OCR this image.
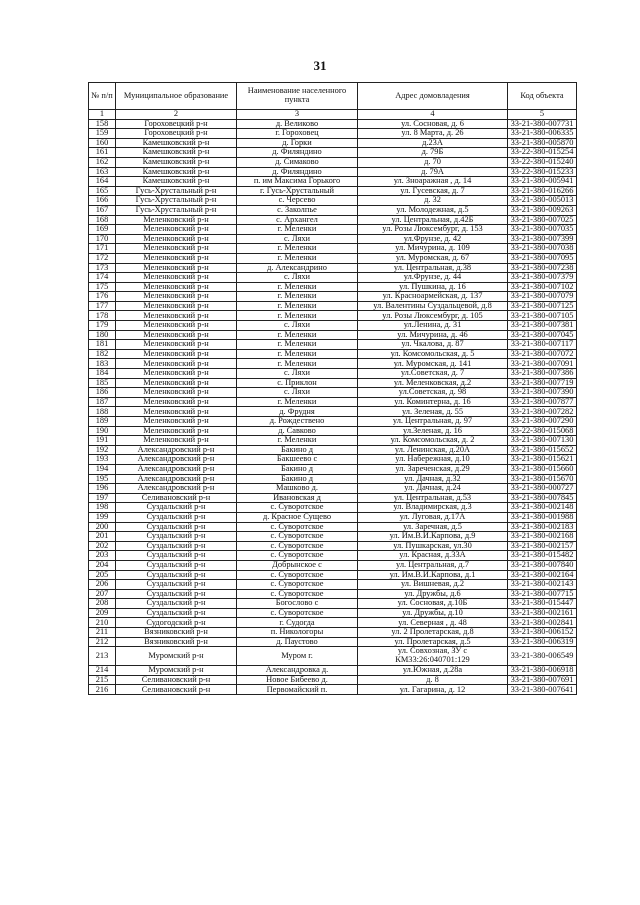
31
№ п/п	Муниципальное образование	Наименование населенного пункта	Адрес домовладения	Код объекта
1	2	3	4	5
158	Гороховецкий р-н	д. Великово	ул. Сосновая, д. 6	33-21-380-007731
159	Гороховецкий р-н	г. Гороховец	ул. 8 Марта, д. 26	33-21-380-006335
160	Камешковский р-н	д. Горки	д.23А	33-21-380-005870
161	Камешковский р-н	д. Филяндино	д. 79Б	33-22-380-015254
162	Камешковский р-н	д. Симаково	д. 70	33-22-380-015240
163	Камешковский р-н	д. Филяндино	д. 79А	33-22-380-015233
164	Камешковский р-н	п. им Максима Горького	ул. Зноаражная , д. 14	33-21-380-005941
165	Гусь-Хрустальный р-н	г. Гусь-Хрустальный	ул. Гусевская, д. 7	33-21-380-016266
166	Гусь-Хрустальный р-н	с. Черсево	д. 32	33-21-380-005013
167	Гусь-Хрустальный р-н	с. Заколпье	ул. Молодежная, д.5	33-21-380-009263
168	Меленковский р-н	с. Архангел	ул. Центральная, д.42Б	33-21-380-007025
169	Меленковский р-н	г. Меленки	ул. Розы Люксембург, д. 153	33-21-380-007035
170	Меленковский р-н	с. Ляхи	ул.Фрунзе, д. 42	33-21-380-007399
171	Меленковский р-н	г. Меленки	ул. Мичурина, д. 109	33-21-380-007038
172	Меленковский р-н	г. Меленки	ул. Муромская, д. 67	33-21-380-007095
173	Меленковский р-н	д. Александрино	ул. Центральная, д.38	33-21-380-007238
174	Меленковский р-н	с. Ляхи	ул.Фрунзе, д. 44	33-21-380-007379
175	Меленковский р-н	г. Меленки	ул. Пушкина, д. 16	33-21-380-007102
176	Меленковский р-н	г. Меленки	ул. Красноармейская, д. 137	33-21-380-007079
177	Меленковский р-н	г. Меленки	ул. Валентины Суздальцевой, д.8	33-21-380-007125
178	Меленковский р-н	г. Меленки	ул. Розы Люксембург, д. 105	33-21-380-007105
179	Меленковский р-н	с. Ляхи	ул.Ленина, д. 31	33-21-380-007381
180	Меленковский р-н	г. Меленки	ул. Мичурина, д. 46	33-21-380-007045
181	Меленковский р-н	г. Меленки	ул. Чкалова, д. 87	33-21-380-007117
182	Меленковский р-н	г. Меленки	ул. Комсомольская, д. 5	33-21-380-007072
183	Меленковский р-н	г. Меленки	ул. Муромская, д. 141	33-21-380-007091
184	Меленковский р-н	с. Ляхи	ул.Советская, д. 7	33-21-380-007386
185	Меленковский р-н	с. Приклон	ул. Меленковская, д.2	33-21-380-007719
186	Меленковский р-н	с. Ляхи	ул.Советская, д. 98	33-21-380-007390
187	Меленковский р-н	г. Меленки	ул. Коминтерна, д. 16	33-21-380-007877
188	Меленковский р-н	д. Фрудня	ул. Зеленая, д. 55	33-21-380-007282
189	Меленковский р-н	д. Рождествено	ул. Центральная, д. 97	33-21-380-007290
190	Меленковский р-н	д. Савково	ул.Зеленая, д. 16	33-22-380-015068
191	Меленковский р-н	г. Меленки	ул. Комсомольская, д. 2	33-21-380-007130
192	Александровский р-н	Бакино д	ул. Ленинская, д.20А	33-21-380-015652
193	Александровский р-н	Бакшеево с	ул. Набережная, д.10	33-21-380-015621
194	Александровский р-н	Бакино д	ул. Зареченская, д.29	33-21-380-015660
195	Александровский р-н	Бакино д	ул. Дачная, д.32	33-21-380-015670
196	Александровский р-н	Машково д.	ул. Дачная, д.24	33-21-380-000727
197	Селивановский р-н	Ивановская д	ул. Центральная, д.53	33-21-380-007845
198	Суздальский р-н	с. Суворотское	ул. Владимирская, д.3	33-21-380-002148
199	Суздальский р-н	д. Красное Сущево	ул. Луговая, д.17А	33-21-380-001988
200	Суздальский р-н	с. Суворотское	ул. Заречная, д.5	33-21-380-002183
201	Суздальский р-н	с. Суворотское	ул. Им.В.И.Карпова, д.9	33-21-380-002168
202	Суздальский р-н	с. Суворотское	ул. Пушкарская, ул.30	33-21-380-002157
203	Суздальский р-н	с. Суворотское	ул. Красная, д.33А	33-21-380-015482
204	Суздальский р-н	Добрынское с	ул. Центральная, д.7	33-21-380-007840
205	Суздальский р-н	с. Суворотское	ул. Им.В.И.Карпова, д.1	33-21-380-002164
206	Суздальский р-н	с. Суворотское	ул. Вишневая, д.2	33-21-380-002143
207	Суздальский р-н	с. Суворотское	ул. Дружбы, д.6	33-21-380-007715
208	Суздальский р-н	Богослово с	ул. Сосновая, д.10Б	33-21-380-015447
209	Суздальский р-н	с. Суворотское	ул. Дружбы, д.10	33-21-380-002161
210	Судогодский р-н	г. Судогда	ул. Северная , д. 48	33-21-380-002841
211	Вязниковский р-н	п. Никологоры	ул. 2 Пролетарская, д.8	33-21-380-006152
212	Вязниковский р-н	д. Паустово	ул. Пролетарская, д.5	33-21-380-006319
213	Муромский р-н	Муром г.	ул. Совхозная, ЗУ с КМ33:26:040701:129	33-21-380-006549
214	Муромский р-н	Александровка д.	ул.Южная, д.28а	33-21-380-006918
215	Селивановский р-н	Новое Бибеево д.	д. 8	33-21-380-007691
216	Селивановский р-н	Первомайский п.	ул. Гагарина, д. 12	33-21-380-007641
